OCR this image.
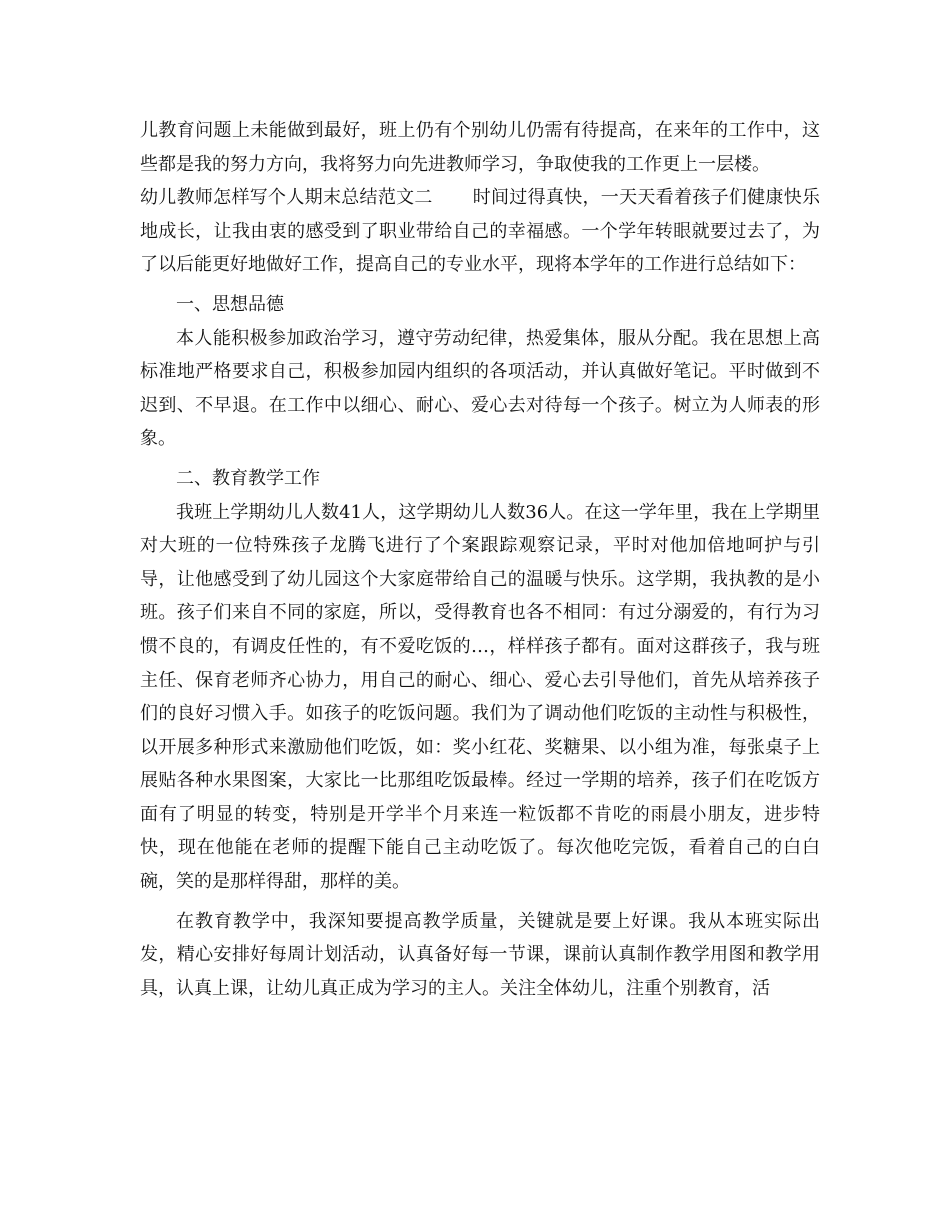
儿教育问题上未能做到最好，班上仍有个别幼儿仍需有待提高，在来年的工作中，这些都是我的努力方向，我将努力向先进教师学习，争取使我的工作更上一层楼。

幼儿教师怎样写个人期末总结范文二 时间过得真快，一天天看着孩子们健康快乐地成长，让我由衷的感受到了职业带给自己的幸福感。一个学年转眼就要过去了，为了以后能更好地做好工作，提高自己的专业水平，现将本学年的工作进行总结如下：

一、思想品德

本人能积极参加政治学习，遵守劳动纪律，热爱集体，服从分配。我在思想上高标准地严格要求自己，积极参加园内组织的各项活动，并认真做好笔记。平时做到不迟到、不早退。在工作中以细心、耐心、爱心去对待每一个孩子。树立为人师表的形象。

二、教育教学工作

我班上学期幼儿人数41人，这学期幼儿人数36人。在这一学年里，我在上学期里对大班的一位特殊孩子龙腾飞进行了个案跟踪观察记录，平时对他加倍地呵护与引导，让他感受到了幼儿园这个大家庭带给自己的温暖与快乐。这学期，我执教的是小班。孩子们来自不同的家庭，所以，受得教育也各不相同：有过分溺爱的，有行为习惯不良的，有调皮任性的，有不爱吃饭的…，样样孩子都有。面对这群孩子，我与班主任、保育老师齐心协力，用自己的耐心、细心、爱心去引导他们，首先从培养孩子们的良好习惯入手。如孩子的吃饭问题。我们为了调动他们吃饭的主动性与积极性，以开展多种形式来激励他们吃饭，如：奖小红花、奖糖果、以小组为准，每张桌子上展贴各种水果图案，大家比一比那组吃饭最棒。经过一学期的培养，孩子们在吃饭方面有了明显的转变，特别是开学半个月来连一粒饭都不肯吃的雨晨小朋友，进步特快，现在他能在老师的提醒下能自己主动吃饭了。每次他吃完饭，看着自己的白白碗，笑的是那样得甜，那样的美。

在教育教学中，我深知要提高教学质量，关键就是要上好课。我从本班实际出发，精心安排好每周计划活动，认真备好每一节课，课前认真制作教学用图和教学用具，认真上课，让幼儿真正成为学习的主人。关注全体幼儿，注重个别教育，活
